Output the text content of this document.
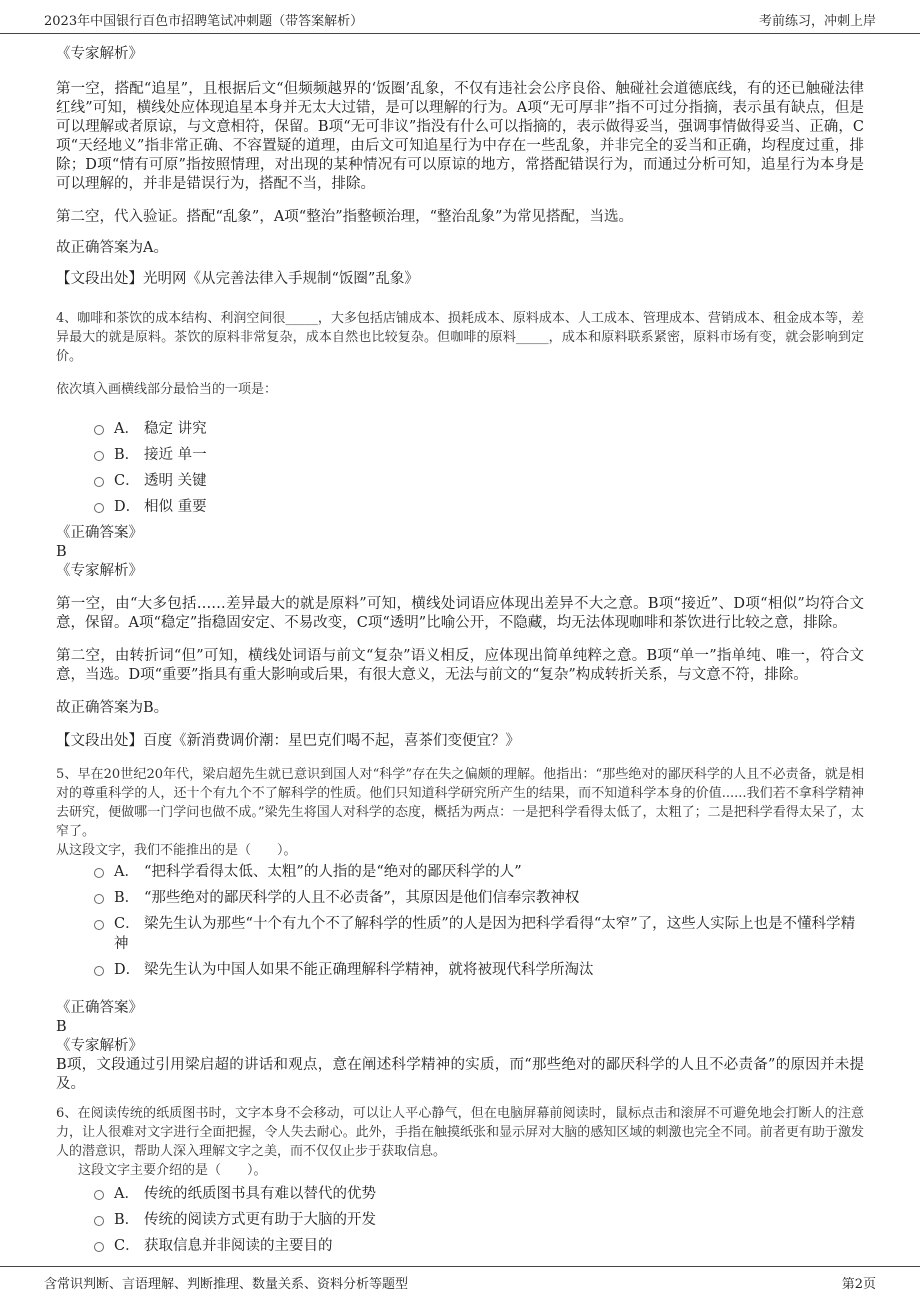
2023年中国银行百色市招聘笔试冲刺题（带答案解析）	考前练习，冲刺上岸

《专家解析》

第一空，搭配“追星”，且根据后文“但频频越界的‘饭圈’乱象，不仅有违社会公序良俗、触碰社会道德底线，有的还已触碰法律红线”可知，横线处应体现追星本身并无太大过错，是可以理解的行为。A项“无可厚非”指不可过分指摘，表示虽有缺点，但是可以理解或者原谅，与文意相符，保留。B项“无可非议”指没有什么可以指摘的，表示做得妥当，强调事情做得妥当、正确，C项“天经地义”指非常正确、不容置疑的道理，由后文可知追星行为中存在一些乱象，并非完全的妥当和正确，均程度过重，排除；D项“情有可原”指按照情理，对出现的某种情况有可以原谅的地方，常搭配错误行为，而通过分析可知，追星行为本身是可以理解的，并非是错误行为，搭配不当，排除。

第二空，代入验证。搭配“乱象”，A项“整治”指整顿治理，“整治乱象”为常见搭配，当选。

故正确答案为A。

【文段出处】光明网《从完善法律入手规制“饭圈”乱象》

4、咖啡和茶饮的成本结构、利润空间很_____，大多包括店铺成本、损耗成本、原料成本、人工成本、管理成本、营销成本、租金成本等，差异最大的就是原料。茶饮的原料非常复杂，成本自然也比较复杂。但咖啡的原料_____，成本和原料联系紧密，原料市场有变，就会影响到定价。

依次填入画横线部分最恰当的一项是：

A． 稳定 讲究

B． 接近 单一

C． 透明 关键

D． 相似 重要

《正确答案》

B

《专家解析》

第一空，由“大多包括……差异最大的就是原料”可知，横线处词语应体现出差异不大之意。B项“接近”、D项“相似”均符合文意，保留。A项“稳定”指稳固安定、不易改变，C项“透明”比喻公开，不隐藏，均无法体现咖啡和茶饮进行比较之意，排除。

第二空，由转折词“但”可知，横线处词语与前文“复杂”语义相反，应体现出简单纯粹之意。B项“单一”指单纯、唯一，符合文意，当选。D项“重要”指具有重大影响或后果，有很大意义，无法与前文的“复杂”构成转折关系，与文意不符，排除。

故正确答案为B。

【文段出处】百度《新消费调价潮：星巴克们喝不起，喜茶们变便宜？》

5、早在20世纪20年代，梁启超先生就已意识到国人对“科学”存在失之偏颇的理解。他指出：“那些绝对的鄙厌科学的人且不必责备，就是相对的尊重科学的人，还十个有九个不了解科学的性质。他们只知道科学研究所产生的结果，而不知道科学本身的价值......我们若不拿科学精神去研究，便做哪一门学问也做不成。”梁先生将国人对科学的态度，概括为两点：一是把科学看得太低了，太粗了；二是把科学看得太呆了，太窄了。

从这段文字，我们不能推出的是（　　）。

A． “把科学看得太低、太粗”的人指的是“绝对的鄙厌科学的人”

B． “那些绝对的鄙厌科学的人且不必责备”，其原因是他们信奉宗教神权

C． 梁先生认为那些“十个有九个不了解科学的性质”的人是因为把科学看得“太窄”了，这些人实际上也是不懂科学精神

D． 梁先生认为中国人如果不能正确理解科学精神，就将被现代科学所淘汰

《正确答案》

B

《专家解析》

B项，文段通过引用梁启超的讲话和观点，意在阐述科学精神的实质，而“那些绝对的鄙厌科学的人且不必责备”的原因并未提及。

6、在阅读传统的纸质图书时，文字本身不会移动，可以让人平心静气，但在电脑屏幕前阅读时，鼠标点击和滚屏不可避免地会打断人的注意力，让人很难对文字进行全面把握，令人失去耐心。此外，手指在触摸纸张和显示屏对大脑的感知区域的刺激也完全不同。前者更有助于激发人的潜意识，帮助人深入理解文字之美，而不仅仅止步于获取信息。

这段文字主要介绍的是（　　）。

A． 传统的纸质图书具有难以替代的优势

B． 传统的阅读方式更有助于大脑的开发

C． 获取信息并非阅读的主要目的

含常识判断、言语理解、判断推理、数量关系、资料分析等题型	第2页
